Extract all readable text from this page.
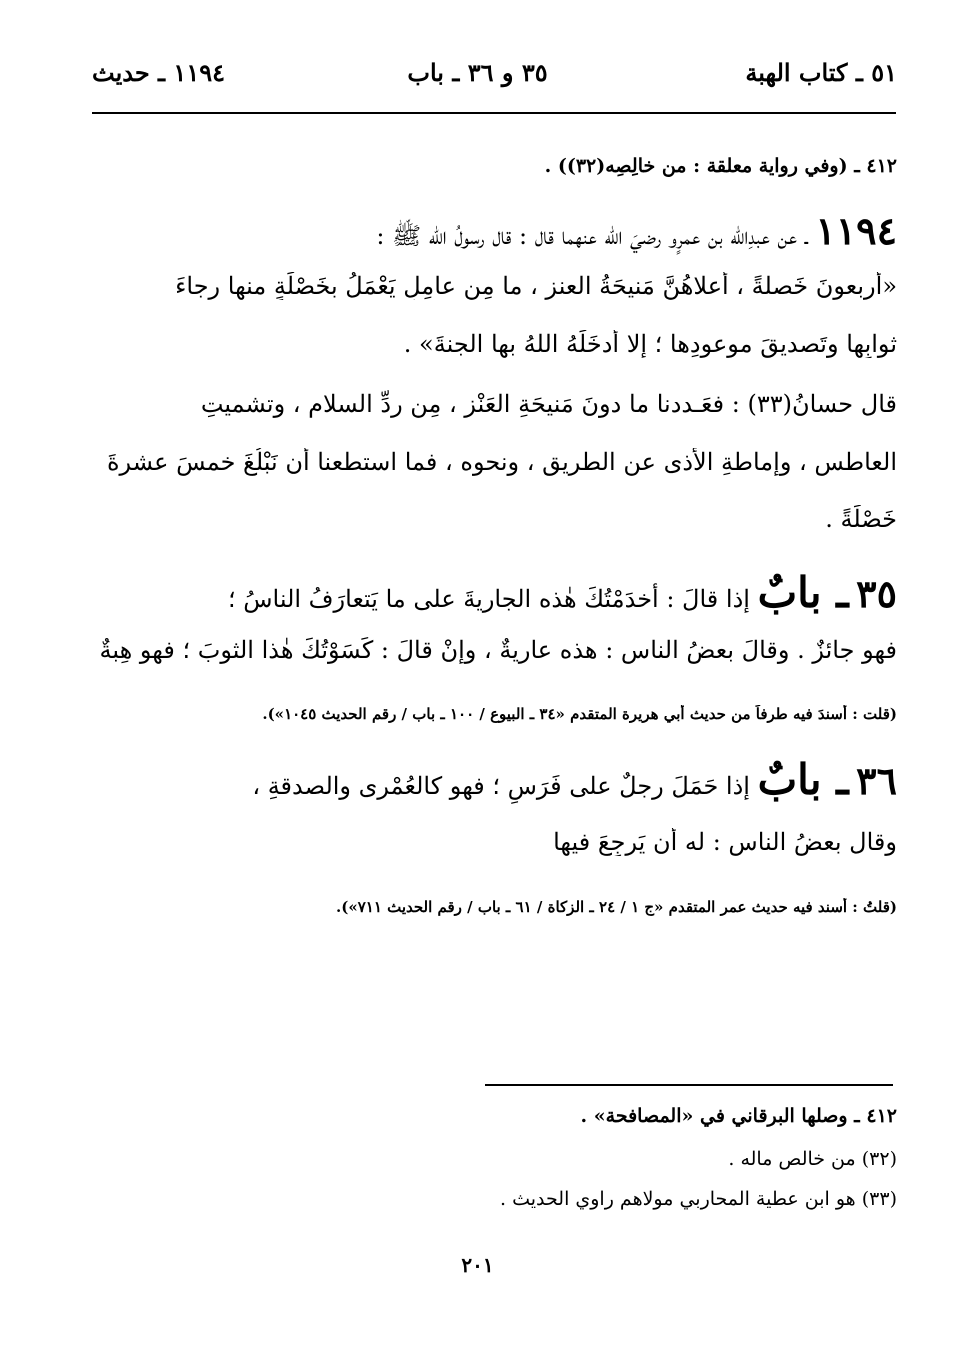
٥١ ـ كتاب الهبة
٣٥ و ٣٦ ـ باب
١١٩٤ ـ حديث
٤١٢ ـ (وفي رواية معلقة : من خالِصِه(٣٢)) .
١١٩٤ ـ عن عبدِالله بن عمرٍو رضيَ الله عنهما قال : قال رسولُ الله ﷺ :
«أربعونَ خَصلةً ، أعلاهُنَّ مَنيحَةُ العنز ، ما مِن عامِلٍ يَعْمَلُ بخَصْلَةٍ منها رجاءَ
ثوابِها وتَصديقَ موعودِها ؛ إلا أدخَلَهُ اللهُ بها الجنةَ» .
قال حسانُ(٣٣) : فعَـددنا ما دونَ مَنيحَةِ العَنْز ، مِن ردِّ السلام ، وتشميتِ
العاطسِ ، وإماطةِ الأذى عن الطريقِ ، ونحوه ، فما استطعنا أن نَبْلُغَ خمسَ عشرةَ
خَصْلَةً .
٣٥ ـ بابٌ إذا قالَ : أخدَمْتُكَ هٰذه الجاريةَ على ما يَتعارَفُ الناسُ ؛
فهو جائزٌ . وقالَ بعضُ الناسِ : هذه عاريةٌ ، وإنْ قالَ : كَسَوْتُكَ هٰذا الثوبَ ؛ فهو هِبةٌ
(قلت : أسندَ فيه طرفاً من حديث أبي هريرة المتقدم «٣٤ ـ البيوع / ١٠٠ ـ باب / رقم الحديث ١٠٤٥»).
٣٦ ـ بابٌ إذا حَمَلَ رجلٌ على فَرَسٍ ؛ فهو كالعُمْرى والصدقةِ ،
وقال بعضُ الناسِ : له أن يَرجِعَ فيها
(قلتُ : أسند فيه حديث عمر المتقدم «ج ١ / ٢٤ ـ الزكاة / ٦١ ـ باب / رقم الحديث ٧١١»).
٤١٢ ـ وصلها البرقاني في «المصافحة» .
(٣٢) من خالص ماله .
(٣٣) هو ابن عطية المحاربي مولاهم راوي الحديث .
٢٠١
